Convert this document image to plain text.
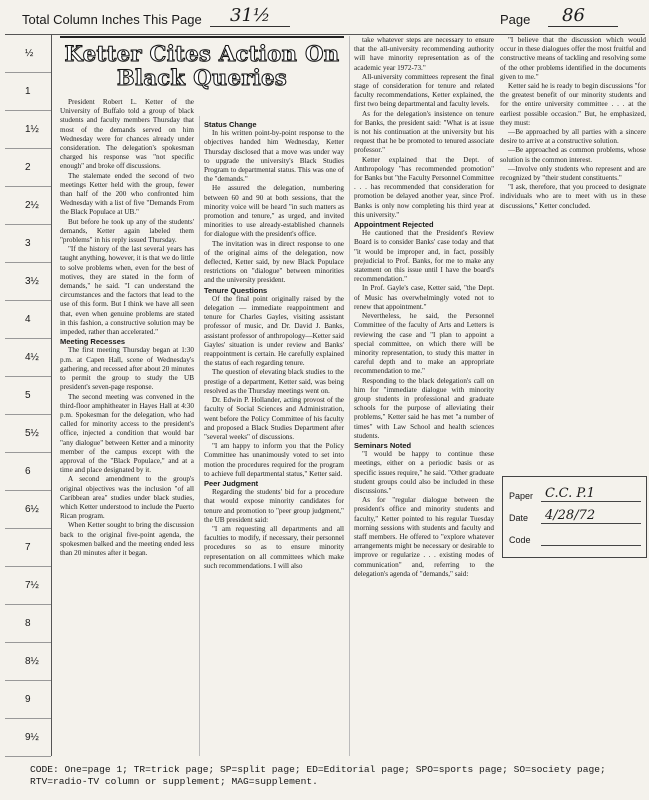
Total Column Inches This Page 31½	Page 86
½
1
1½
2
2½
3
3½
4
4½
5
5½
6
6½
7
7½
8
8½
9
9½
Ketter Cites Action On Black Queries

President Robert L. Ketter of the University of Buffalo told a group of black students and faculty members Thursday that most of the demands served on him Wednesday were for chances already under consideration. The delegation's spokesman charged his response was "not specific enough" and broke off discussions.

The stalemate ended the second of two meetings Ketter held with the group, fewer than half of the 200 who confronted him Wednesday with a list of five "Demands From the Black Populace at UB."

But before he took up any of the students' demands, Ketter again labeled them "problems" in his reply issued Thursday.

"If the history of the last several years has taught anything, however, it is that we do little to solve problems when, even for the best of motives, they are stated in the form of demands," he said. "I can understand the circumstances and the factors that lead to the use of this form. But I think we have all seen that, even when genuine problems are stated in this fashion, a constructive solution may be impeded, rather than accelerated."

Meeting Recesses

The first meeting Thursday began at 1:30 p.m. at Capen Hall, scene of Wednesday's gathering, and recessed after about 20 minutes to permit the group to study the UB president's seven-page response.

The second meeting was convened in the third-floor amphitheater in Hayes Hall at 4:30 p.m. Spokesman for the delegation, who had called for minority access to the president's office, injected a condition that would bar "any dialogue" between Ketter and a minority member of the campus except with the approval of the "Black Populace," and at a time and place designated by it.

A second amendment to the group's original objectives was the inclusion "of all Caribbean area" studies under black studies, which Ketter understood to include the Puerto Rican program.

When Ketter sought to bring the discussion back to the original five-point agenda, the spokesmen balked and the meeting ended less than 20 minutes after it began.

Status Change

In his written point-by-point response to the objectives handed him Wednesday, Ketter Thursday disclosed that a move was under way to upgrade the university's Black Studies Program to departmental status. This was one of the "demands."

He assured the delegation, numbering between 60 and 90 at both sessions, that the minority voice will be heard "in such matters as promotion and tenure," as urged, and invited minorities to use already-established channels for dialogue with the president's office.

The invitation was in direct response to one of the original aims of the delegation, now deflected, Ketter said, by new Black Populace restrictions on "dialogue" between minorities and the university president.

Tenure Questions

Of the final point originally raised by the delegation — immediate reappointment and tenure for Charles Gayles, visiting assistant professor of music, and Dr. David J. Banks, assistant professor of anthropology—Ketter said Gayles' situation is under review and Banks' reappointment is certain. He carefully explained the status of each regarding tenure.

The question of elevating black studies to the prestige of a department, Ketter said, was being resolved as the Thursday meetings went on.

Dr. Edwin P. Hollander, acting provost of the faculty of Social Sciences and Administration, went before the Policy Committee of his faculty and proposed a Black Studies Department after "several weeks" of discussions.

"I am happy to inform you that the Policy Committee has unanimously voted to set into motion the procedures required for the program to achieve full departmental status," Ketter said.

Peer Judgment

Regarding the students' bid for a procedure that would expose minority candidates for tenure and promotion to "peer group judgment," the UB president said:

"I am requesting all departments and all faculties to modify, if necessary, their personnel procedures so as to ensure minority representation on all committees which make such recommendations. I will also

take whatever steps are necessary to ensure that the all-university recommending authority will have minority representation as of the academic year 1972-73."

All-university committees represent the final stage of consideration for tenure and related faculty recommendations, Ketter explained, the first two being departmental and faculty levels.

As for the delegation's insistence on tenure for Banks, the president said: "What is at issue is not his continuation at the university but his request that he be promoted to tenured associate professor."

Ketter explained that the Dept. of Anthropology "has recommended promotion" for Banks but "the Faculty Personnel Committee . . . has recommended that consideration for promotion be delayed another year, since Prof. Banks is only now completing his third year at this university."

Appointment Rejected

He cautioned that the President's Review Board is to consider Banks' case today and that "it would be improper and, in fact, possibly prejudicial to Prof. Banks, for me to make any statement on this issue until I have the board's recommendation."

In Prof. Gayle's case, Ketter said, "the Dept. of Music has overwhelmingly voted not to renew that appointment."

Nevertheless, he said, the Personnel Committee of the faculty of Arts and Letters is reviewing the case and "I plan to appoint a special committee, on which there will be minority representation, to study this matter in careful depth and to make an appropriate recommendation to me."

Responding to the black delegation's call on him for "immediate dialogue with minority group students in professional and graduate schools for the purpose of alleviating their problems," Ketter said he has met "a number of times" with Law School and health sciences students.

Seminars Noted

"I would be happy to continue these meetings, either on a periodic basis or as specific issues require," he said. "Other graduate student groups could also be included in these discussions."

As for "regular dialogue between the president's office and minority students and faculty," Ketter pointed to his regular Tuesday morning sessions with students and faculty and staff members. He offered to "explore whatever arrangements might be necessary or desirable to improve or regularize . . . existing modes of communication" and, referring to the delegation's agenda of "demands," said:

"I believe that the discussion which would occur in these dialogues offer the most fruitful and constructive means of tackling and resolving some of the other problems identified in the documents given to me."

Ketter said he is ready to begin discussions "for the greatest benefit of our minority students and for the entire university committee . . . at the earliest possible occasion." But, he emphasized, they must:

—Be approached by all parties with a sincere desire to arrive at a constructive solution.

—Be approached as common problems, whose solution is the common interest.

—Involve only students who represent and are recognized by "their student constituents."

"I ask, therefore, that you proceed to designate individuals who are to meet with us in these discussions," Ketter concluded.

Paper C.C. P.1
Date 4/28/72
Code
CODE: One=page 1; TR=trick page; SP=split page; ED=Editorial page; SPO=sports page; SO=society page;
RTV=radio-TV column or supplement; MAG=supplement.
